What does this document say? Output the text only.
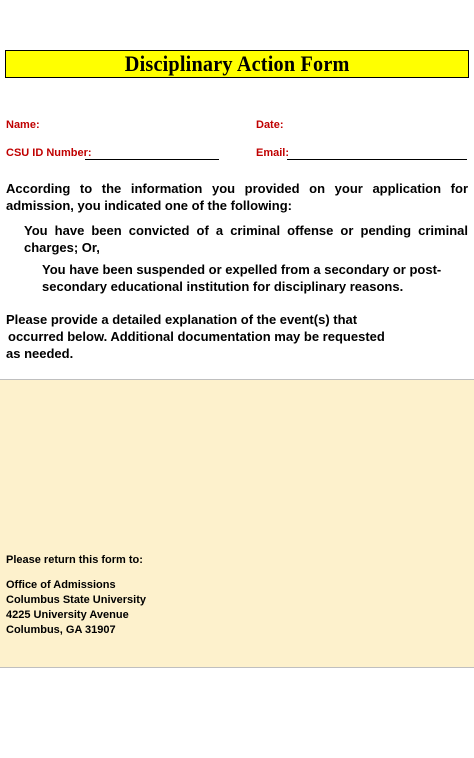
Disciplinary Action Form
Name:	Date:
CSU ID Number:	Email:
According to the information you provided on your application for admission, you indicated one of the following:
You have been convicted of a criminal offense or pending criminal charges; Or,
You have been suspended or expelled from a secondary or post-secondary educational institution for disciplinary reasons.
Please provide a detailed explanation of the event(s) that
occurred below. Additional documentation may be requested
as needed.
Please return this form to:
Office of Admissions
Columbus State University
4225 University Avenue
Columbus, GA 31907
